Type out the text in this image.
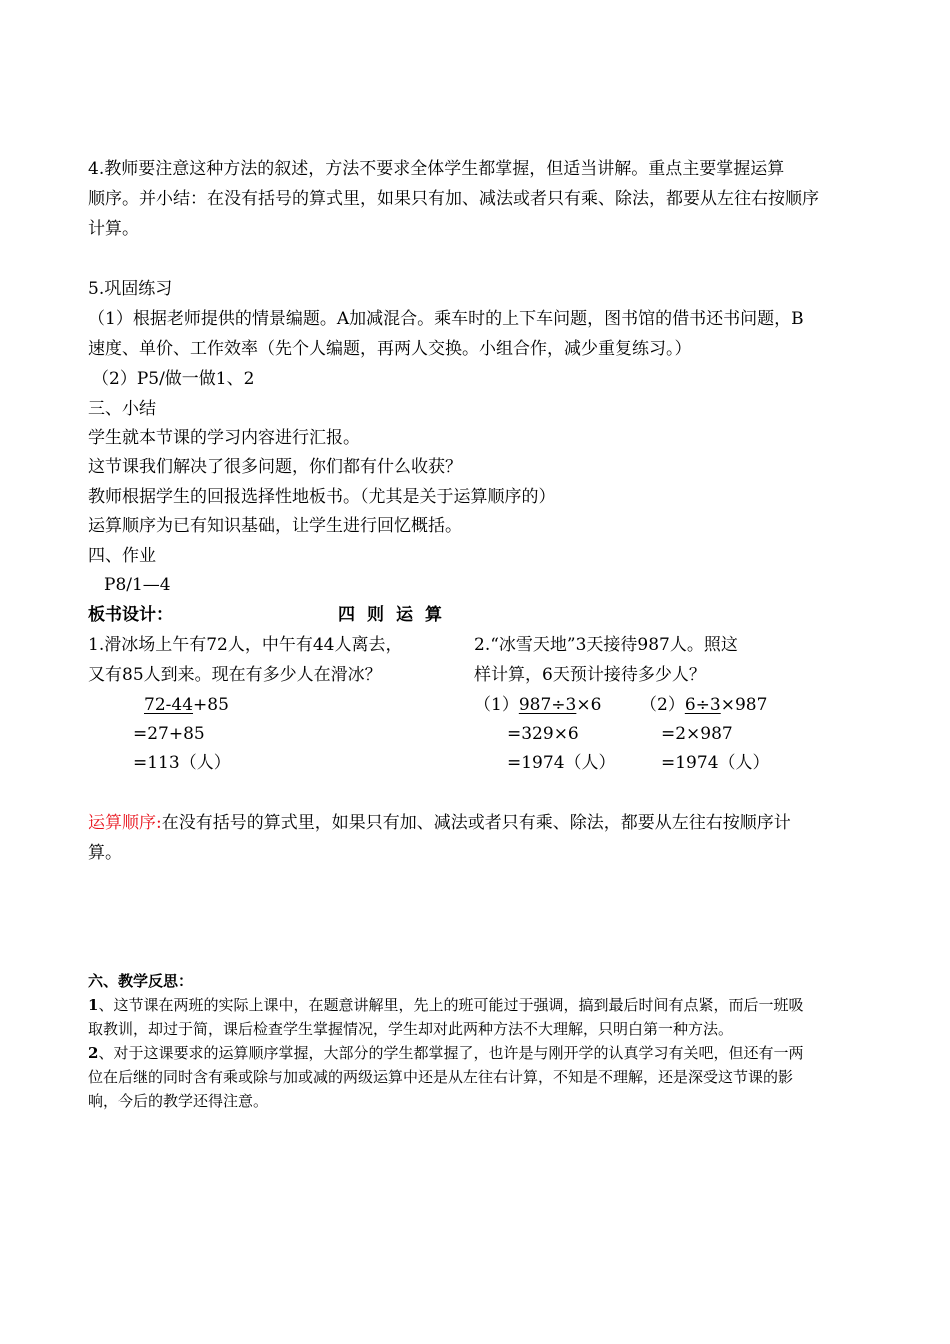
4.教师要注意这种方法的叙述，方法不要求全体学生都掌握，但适当讲解。重点主要掌握运算
顺序。并小结：在没有括号的算式里，如果只有加、减法或者只有乘、除法，都要从左往右按顺序
计算。
5.巩固练习
（1）根据老师提供的情景编题。A加减混合。乘车时的上下车问题，图书馆的借书还书问题，B
速度、单价、工作效率（先个人编题，再两人交换。小组合作，减少重复练习。）
（2）P5/做一做1、2
三、小结
学生就本节课的学习内容进行汇报。
这节课我们解决了很多问题，你们都有什么收获？
教师根据学生的回报选择性地板书。（尤其是关于运算顺序的）
运算顺序为已有知识基础，让学生进行回忆概括。
四、作业
P8/1—4
板书设计：	四则运算
1.滑冰场上午有72人，中午有44人离去，
又有85人到来。现在有多少人在滑冰？
72-44+85
=27+85
=113（人）
2.“冰雪天地”3天接待987人。照这
样计算，6天预计接待多少人？
（1）987÷3×6 （2）6÷3×987
=329×6	=2×987
=1974（人）	=1974（人）
运算顺序:在没有括号的算式里，如果只有加、减法或者只有乘、除法，都要从左往右按顺序计
算。
六、教学反思：
1、这节课在两班的实际上课中，在题意讲解里，先上的班可能过于强调，搞到最后时间有点紧，而后一班吸
取教训，却过于简，课后检查学生掌握情况，学生却对此两种方法不大理解，只明白第一种方法。
2、对于这课要求的运算顺序掌握，大部分的学生都掌握了，也许是与刚开学的认真学习有关吧，但还有一两
位在后继的同时含有乘或除与加或减的两级运算中还是从左往右计算，不知是不理解，还是深受这节课的影
响，今后的教学还得注意。
